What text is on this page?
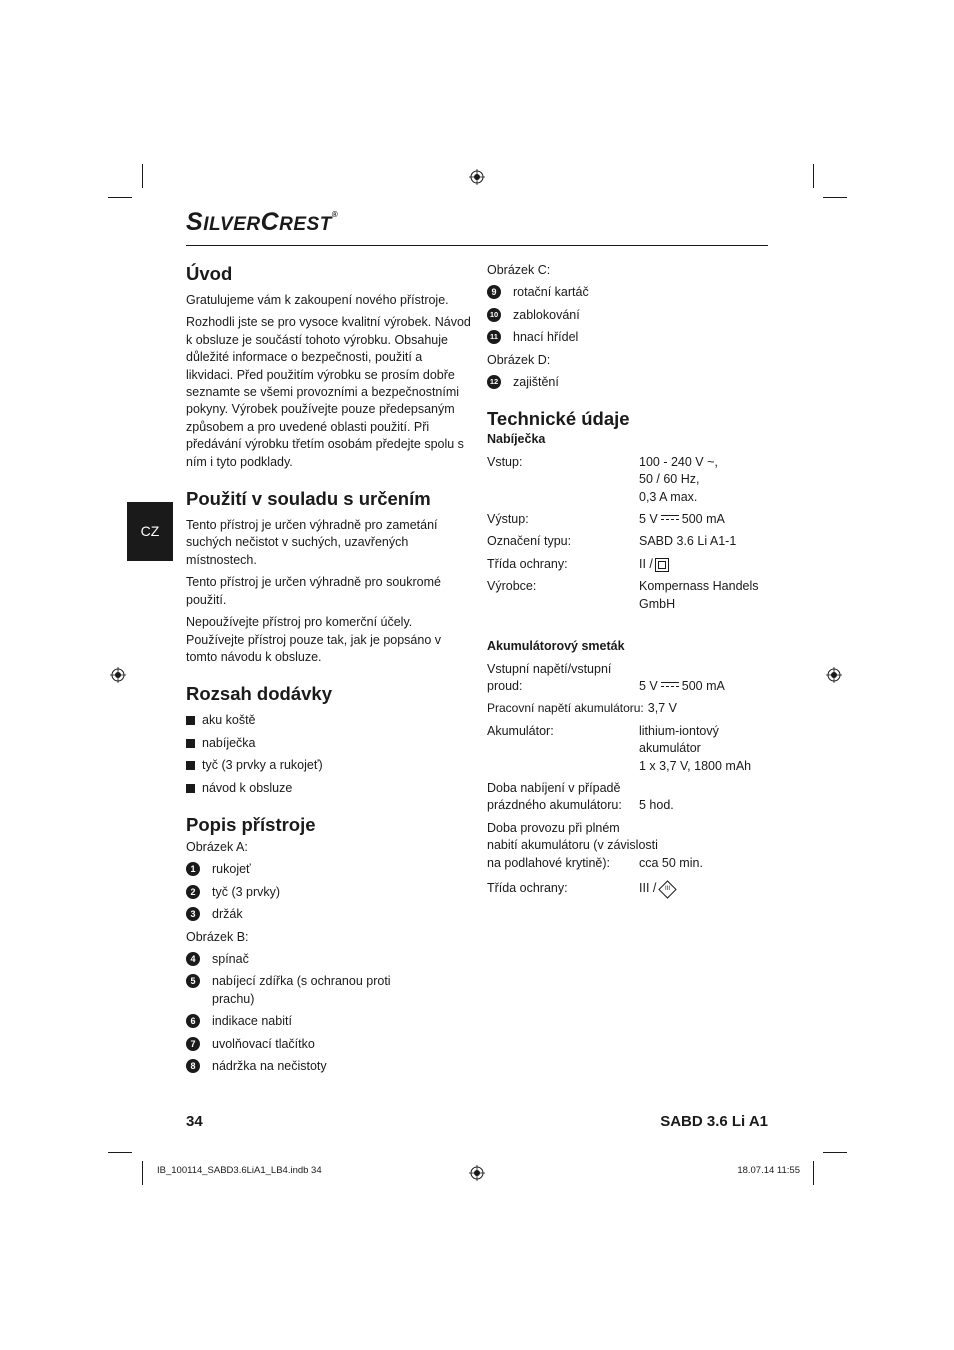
SILVERCREST®
CZ
Úvod

Gratulujeme vám k zakoupení nového přístroje.

Rozhodli jste se pro vysoce kvalitní výrobek. Návod k obsluze je součástí tohoto výrobku. Obsahuje důležité informace o bezpečnosti, použití a likvidaci. Před použitím výrobku se prosím dobře seznamte se všemi provozními a bezpečnostními pokyny. Výrobek používejte pouze předepsaným způsobem a pro uvedené oblasti použití. Při předávání výrobku třetím osobám předejte spolu s ním i tyto podklady.

Použití v souladu s určením

Tento přístroj je určen výhradně pro zametání suchých nečistot v suchých, uzavřených místnostech.

Tento přístroj je určen výhradně pro soukromé použití.

Nepoužívejte přístroj pro komerční účely. Používejte přístroj pouze tak, jak je popsáno v tomto návodu k obsluze.

Rozsah dodávky
aku koště
nabíječka
tyč (3 prvky a rukojeť)
návod k obsluze
Popis přístroje

Obrázek A:

1	rukojeť
2	tyč (3 prvky)
3	držák

Obrázek B:

4	spínač
5	nabíjecí zdířka (s ochranou proti prachu)
6	indikace nabití
7	uvolňovací tlačítko
8	nádržka na nečistoty

Obrázek C:

9	rotační kartáč
10 zablokování
11 hnací hřídel

Obrázek D:

12 zajištění
Technické údaje
Nabíječka
Vstup:	100 - 240 V ~,
50 / 60 Hz,
0,3 A max.
Výstup:	5 V 500 mA
Označení typu:	SABD 3.6 Li A1-1
Třída ochrany:	II /
Výrobce:	Kompernass Handels
GmbH
Akumulátorový smeták
Vstupní napětí/vstupní
proud:
	5 V 500 mA
Pracovní napětí akumulátoru: 3,7 V
Akumulátor:	lithium-iontový
akumulátor
1 x 3,7 V, 1800 mAh
Doba nabíjení v případě
prázdného akumulátoru:
	5 hod.
Doba provozu při plném
nabití akumulátoru (v závislosti
na podlahové krytině):
	cca 50 min.
Třída ochrany:	III / III
34	SABD 3.6 Li A1
IB_100114_SABD3.6LiA1_LB4.indb 34	18.07.14 11:55
